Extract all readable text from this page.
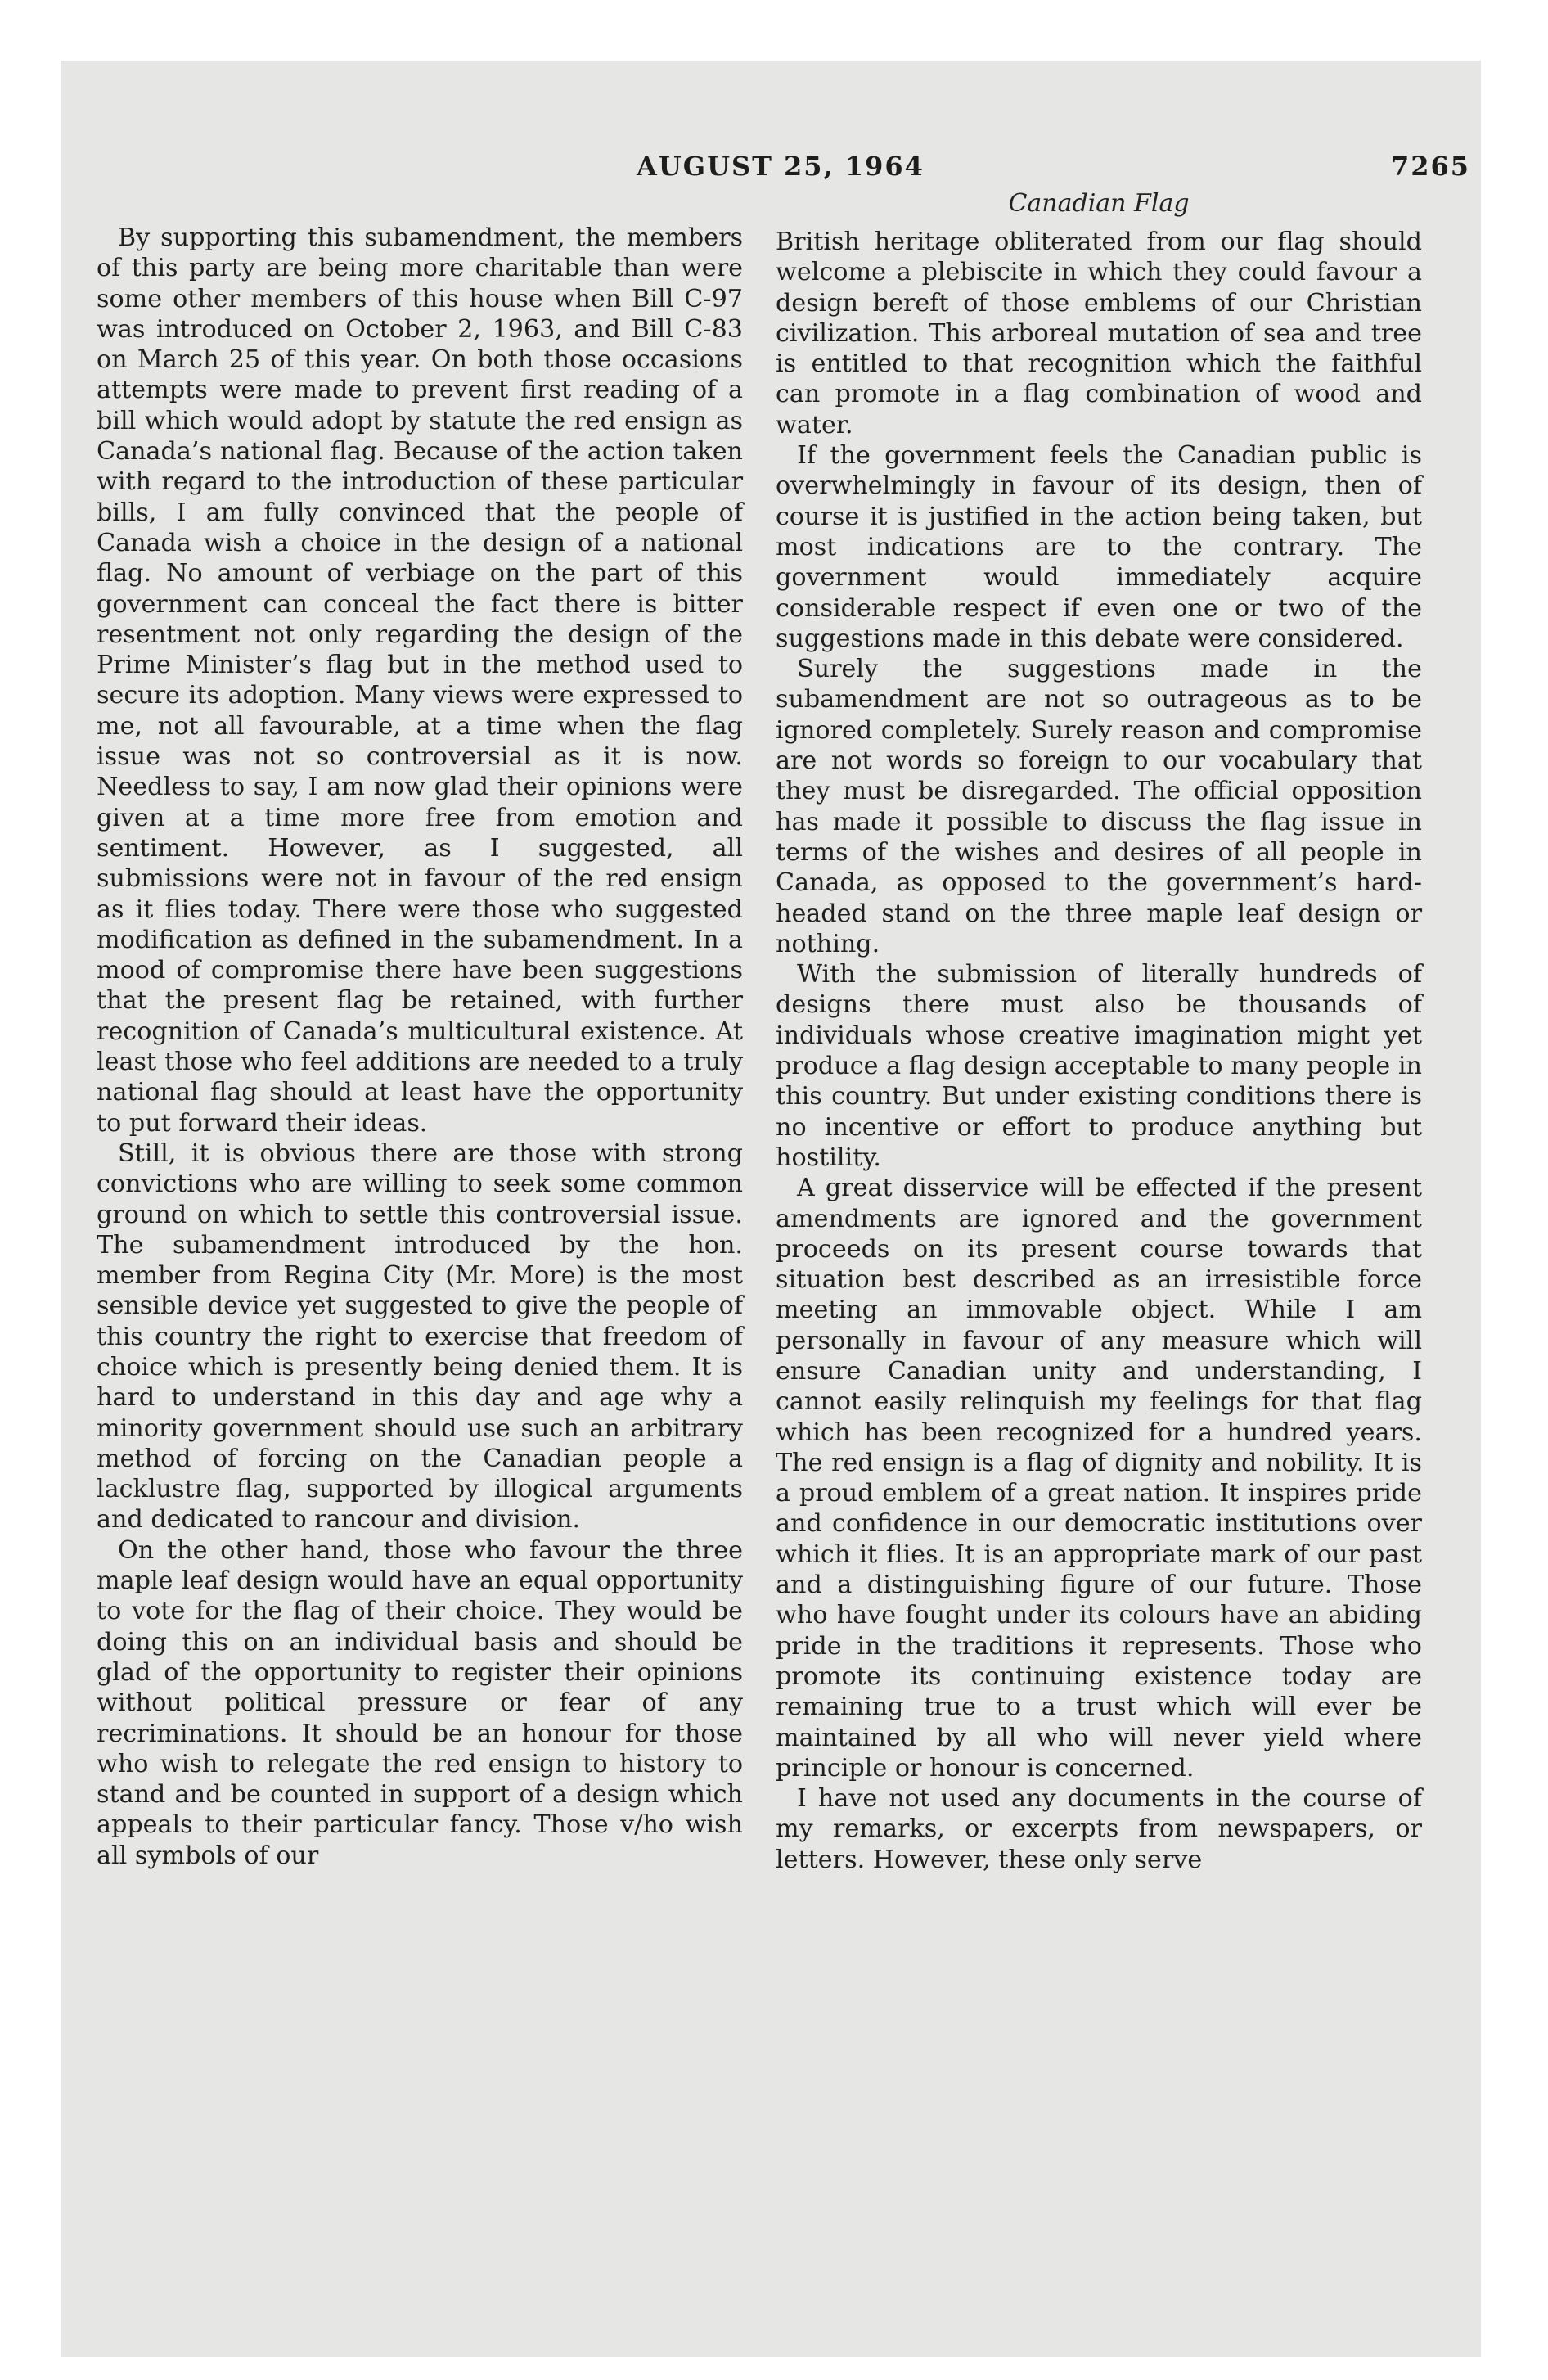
AUGUST 25, 1964	7265
Canadian Flag

By supporting this subamendment, the members of this party are being more charitable than were some other members of this house when Bill C-97 was introduced on October 2, 1963, and Bill C-83 on March 25 of this year. On both those occasions attempts were made to prevent first reading of a bill which would adopt by statute the red ensign as Canada’s national flag. Because of the action taken with regard to the introduction of these particular bills, I am fully convinced that the people of Canada wish a choice in the design of a national flag. No amount of verbiage on the part of this government can conceal the fact there is bitter resentment not only regarding the design of the Prime Minister’s flag but in the method used to secure its adoption. Many views were expressed to me, not all favourable, at a time when the flag issue was not so controversial as it is now. Needless to say, I am now glad their opinions were given at a time more free from emotion and sentiment. However, as I suggested, all submissions were not in favour of the red ensign as it flies today. There were those who suggested modification as defined in the subamendment. In a mood of compromise there have been suggestions that the present flag be retained, with further recognition of Canada’s multicultural existence. At least those who feel additions are needed to a truly national flag should at least have the opportunity to put forward their ideas.

Still, it is obvious there are those with strong convictions who are willing to seek some common ground on which to settle this controversial issue. The subamendment introduced by the hon. member from Regina City (Mr. More) is the most sensible device yet suggested to give the people of this country the right to exercise that freedom of choice which is presently being denied them. It is hard to understand in this day and age why a minority government should use such an arbitrary method of forcing on the Canadian people a lacklustre flag, supported by illogical arguments and dedicated to rancour and division.

On the other hand, those who favour the three maple leaf design would have an equal opportunity to vote for the flag of their choice. They would be doing this on an individual basis and should be glad of the opportunity to register their opinions without political pressure or fear of any recriminations. It should be an honour for those who wish to relegate the red ensign to history to stand and be counted in support of a design which appeals to their particular fancy. Those v/ho wish all symbols of our

British heritage obliterated from our flag should welcome a plebiscite in which they could favour a design bereft of those emblems of our Christian civilization. This arboreal mutation of sea and tree is entitled to that recognition which the faithful can promote in a flag combination of wood and water.

If the government feels the Canadian public is overwhelmingly in favour of its design, then of course it is justified in the action being taken, but most indications are to the contrary. The government would immediately acquire considerable respect if even one or two of the suggestions made in this debate were considered.

Surely the suggestions made in the subamendment are not so outrageous as to be ignored completely. Surely reason and compromise are not words so foreign to our vocabulary that they must be disregarded. The official opposition has made it possible to discuss the flag issue in terms of the wishes and desires of all people in Canada, as opposed to the government’s hard-headed stand on the three maple leaf design or nothing.

With the submission of literally hundreds of designs there must also be thousands of individuals whose creative imagination might yet produce a flag design acceptable to many people in this country. But under existing conditions there is no incentive or effort to produce anything but hostility.

A great disservice will be effected if the present amendments are ignored and the government proceeds on its present course towards that situation best described as an irresistible force meeting an immovable object. While I am personally in favour of any measure which will ensure Canadian unity and understanding, I cannot easily relinquish my feelings for that flag which has been recognized for a hundred years. The red ensign is a flag of dignity and nobility. It is a proud emblem of a great nation. It inspires pride and confidence in our democratic institutions over which it flies. It is an appropriate mark of our past and a distinguishing figure of our future. Those who have fought under its colours have an abiding pride in the traditions it represents. Those who promote its continuing existence today are remaining true to a trust which will ever be maintained by all who will never yield where principle or honour is concerned.

I have not used any documents in the course of my remarks, or excerpts from newspapers, or letters. However, these only serve
